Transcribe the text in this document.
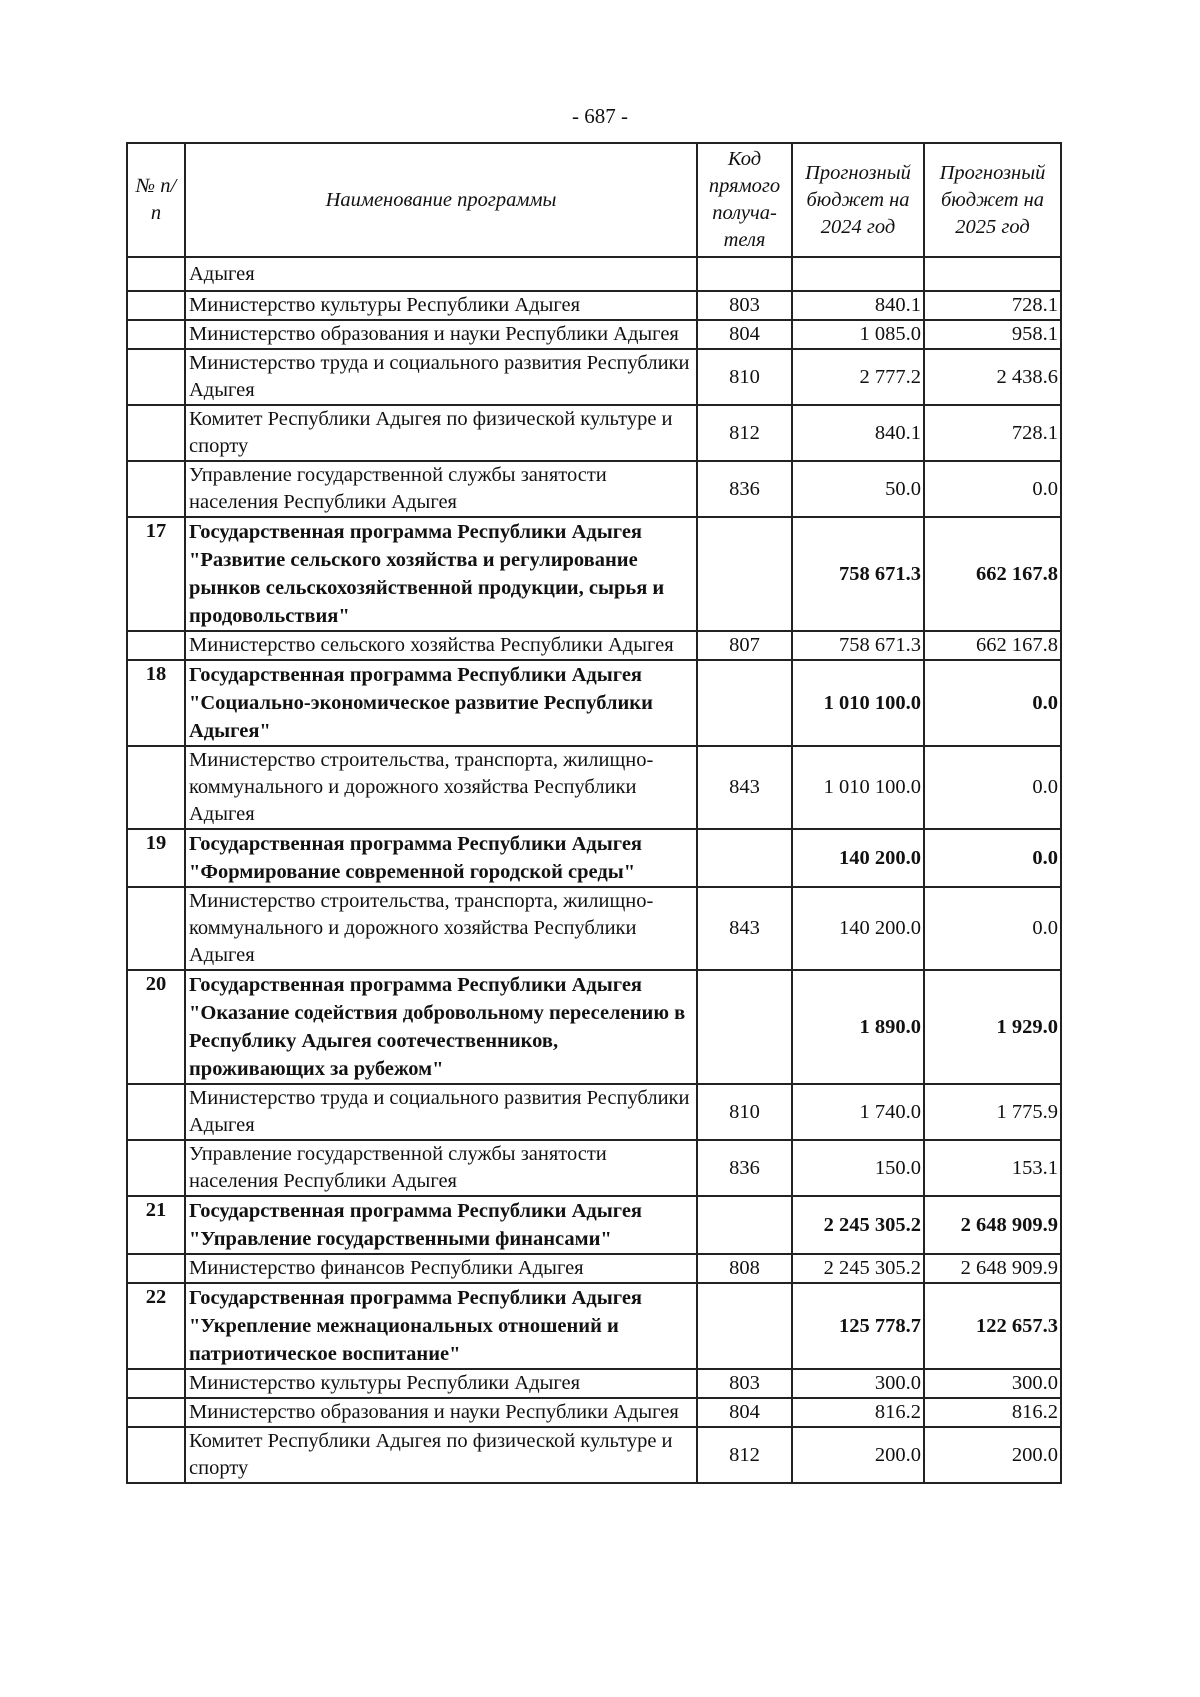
- 687 -
№ п/п	Наименование программы	Код прямого получа-теля	Прогнозный бюджет на 2024 год	Прогнозный бюджет на 2025 год
	Адыгея			
	Министерство культуры Республики Адыгея	803	840.1	728.1
	Министерство образования и науки Республики Адыгея	804	1 085.0	958.1
	Министерство труда и социального развития Республики Адыгея	810	2 777.2	2 438.6
	Комитет Республики Адыгея по физической культуре и спорту	812	840.1	728.1
	Управление государственной службы занятости населения Республики Адыгея	836	50.0	0.0
17	Государственная программа Республики Адыгея "Развитие сельского хозяйства и регулирование рынков сельскохозяйственной продукции, сырья и продовольствия"		758 671.3	662 167.8
	Министерство сельского хозяйства Республики Адыгея	807	758 671.3	662 167.8
18	Государственная программа Республики Адыгея "Социально-экономическое развитие Республики Адыгея"		1 010 100.0	0.0
	Министерство строительства, транспорта, жилищно-коммунального и дорожного хозяйства Республики Адыгея	843	1 010 100.0	0.0
19	Государственная программа Республики Адыгея "Формирование современной городской среды"		140 200.0	0.0
	Министерство строительства, транспорта, жилищно-коммунального и дорожного хозяйства Республики Адыгея	843	140 200.0	0.0
20	Государственная программа Республики Адыгея "Оказание содействия добровольному переселению в Республику Адыгея соотечественников, проживающих за рубежом"		1 890.0	1 929.0
	Министерство труда и социального развития Республики Адыгея	810	1 740.0	1 775.9
	Управление государственной службы занятости населения Республики Адыгея	836	150.0	153.1
21	Государственная программа Республики Адыгея "Управление государственными финансами"		2 245 305.2	2 648 909.9
	Министерство финансов Республики Адыгея	808	2 245 305.2	2 648 909.9
22	Государственная программа Республики Адыгея "Укрепление межнациональных отношений и патриотическое воспитание"		125 778.7	122 657.3
	Министерство культуры Республики Адыгея	803	300.0	300.0
	Министерство образования и науки Республики Адыгея	804	816.2	816.2
	Комитет Республики Адыгея по физической культуре и спорту	812	200.0	200.0
